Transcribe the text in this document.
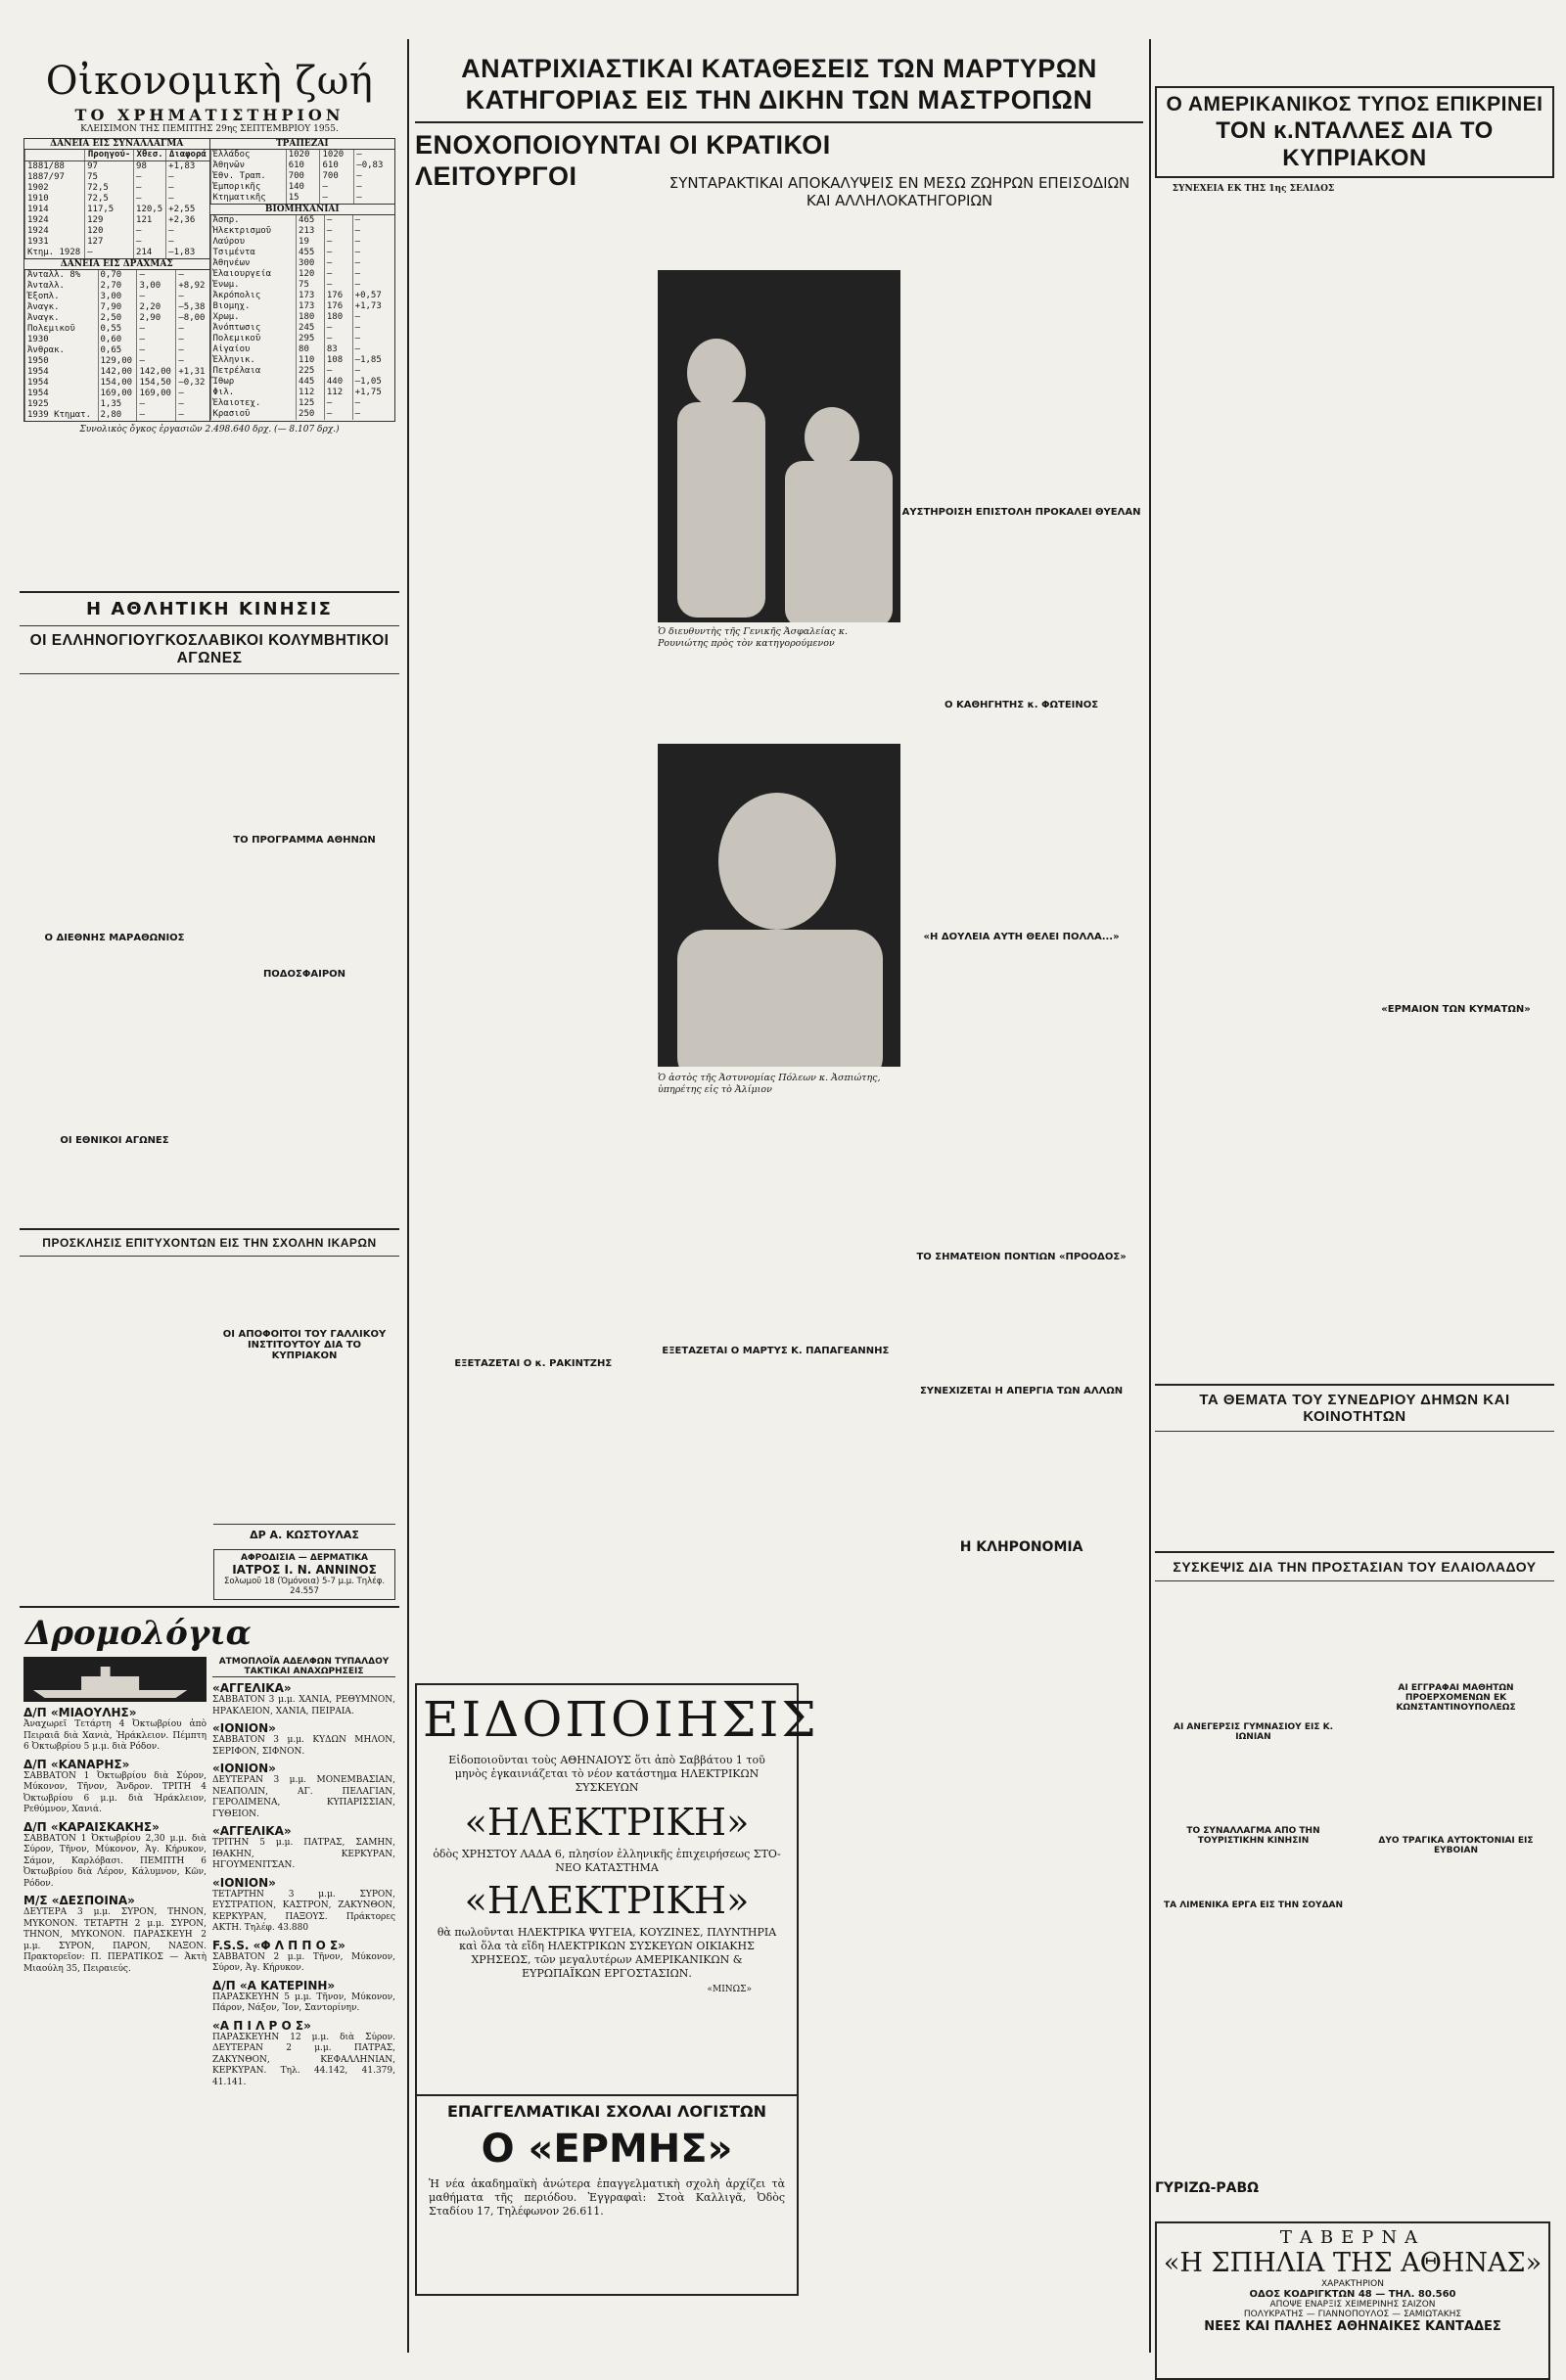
Οἰκονομικὴ ζωή
ΤΟ ΧΡΗΜΑΤΙΣΤΗΡΙΟΝ
ΚΛΕΙΣΙΜΟΝ ΤΗΣ ΠΕΜΠΤΗΣ 29ης ΣΕΠΤΕΜΒΡΙΟΥ 1955.
ΔΑΝΕΙΑ ΕΙΣ ΣΥΝΑΛΛΑΓΜΑ
	Προηγού-	Χθεσ.	Διαφορά
1881/88	97	98	+1,83
1887/97	75	—	—
1902	72,5	—	—
1910	72,5	—	—
1914	117,5	120,5	+2,55
1924	129	121	+2,36
1924	120	—	—
1931	127	—	—
Κτημ. 1928	—	214	—1,83
ΔΑΝΕΙΑ ΕΙΣ ΔΡΑΧΜΑΣ
Ἀνταλλ. 8%	0,70	—	—
Ἀνταλλ.	2,70	3,00	+8,92
Ἐξοπλ.	3,00	—	—
Ἀναγκ.	7,90	2,20	—5,38
Ἀναγκ.	2,50	2,90	—8,00
Πολεμικοῦ	0,55	—	—
1930	0,60	—	—
Ἀνθρακ.	0,65	—	—
1950	129,00	—	—
1954	142,00	142,00	+1,31
1954	154,00	154,50	—0,32
1954	169,00	169,00	—
1925	1,35	—	—
1939 Κτηματ.	2,80	—	—
ΤΡΑΠΕΖΑΙ
Ἑλλάδος	1020	1020	—
Ἀθηνῶν	610	610	—0,83
Ἐθν. Τραπ.	700	700	—
Ἐμπορικῆς	140	—	—
Κτηματικῆς	15	—	—
ΒΙΟΜΗΧΑΝΙΑΙ
Ἀσπρ.	465	—	—
Ἠλεκτρισμοῦ	213	—	—
Λαύρου	19	—	—
Τσιμέντα	455	—	—
Ἀθηνέων	300	—	—
Ἐλαιουργεία	120	—	—
Ἑνωμ.	75	—	—
Ἀκρόπολις	173	176	+0,57
Βιομηχ.	173	176	+1,73
Χρωμ.	180	180	—
Ἀνόπτωσις	245	—	—
Πολεμικοῦ	295	—	—
Αἰγαίου	80	83	—
Ἑλληνικ.	110	108	—1,85
Πετρέλαια	225	—	—
Ἴθωρ	445	440	—1,05
Φιλ.	112	112	+1,75
Ἐλαιοτεχ.	125	—	—
Κρασιοῦ	250	—	—
Συνολικὸς ὄγκος ἐργασιῶν 2.498.640 δρχ. (— 8.107 δρχ.)
Η ΑΘΛΗΤΙΚΗ ΚΙΝΗΣΙΣ
ΟΙ ΕΛΛΗΝΟΓΙΟΥΓΚΟΣΛΑΒΙΚΟΙ ΚΟΛΥΜΒΗΤΙΚΟΙ ΑΓΩΝΕΣ
Ο ΔΙΕΘΝΗΣ ΜΑΡΑΘΩΝΙΟΣ
ΟΙ ΕΘΝΙΚΟΙ ΑΓΩΝΕΣ
ΤΟ ΠΡΟΓΡΑΜΜΑ ΑΘΗΝΩΝ
ΠΟΔΟΣΦΑΙΡΟΝ
ΠΡΟΣΚΛΗΣΙΣ ΕΠΙΤΥΧΟΝΤΩΝ ΕΙΣ ΤΗΝ ΣΧΟΛΗΝ ΙΚΑΡΩΝ
ΟΙ ΑΠΟΦΟΙΤΟΙ ΤΟΥ ΓΑΛΛΙΚΟΥ ΙΝΣΤΙΤΟΥΤΟΥ ΔΙΑ ΤΟ ΚΥΠΡΙΑΚΟΝ
ΔΡ Α. ΚΩΣΤΟΥΛΑΣ
ΑΦΡΟΔΙΣΙΑ — ΔΕΡΜΑΤΙΚΑ
ΙΑΤΡΟΣ Ι. Ν. ΑΝΝΙΝΟΣ
Σολωμοῦ 18 (Ὁμόνοια) 5-7 μ.μ. Τηλέφ. 24.557
Δρομολόγια
Δ/Π «ΜΙΑΟΥΛΗΣ»
Ἀναχωρεῖ Τετάρτη 4 Ὀκτωβρίου ἀπὸ Πειραιᾶ διὰ Χανιὰ, Ἡράκλειον. Πέμπτη 6 Ὀκτωβρίου 5 μ.μ. διὰ Ρόδον.
Δ/Π «ΚΑΝΑΡΗΣ»
ΣΑΒΒΑΤΟΝ 1 Ὀκτωβρίου διὰ Σύρον, Μύκονον, Τῆνον, Ἄνδρον. ΤΡΙΤΗ 4 Ὀκτωβρίου 6 μ.μ. διὰ Ἡράκλειον, Ρεθύμνον, Χανιά.
Δ/Π «ΚΑΡΑΙΣΚΑΚΗΣ»
ΣΑΒΒΑΤΟΝ 1 Ὀκτωβρίου 2,30 μ.μ. διὰ Σύρον, Τῆνον, Μύκονον, Ἀγ. Κήρυκον, Σάμον, Καρλόβασι. ΠΕΜΠΤΗ 6 Ὀκτωβρίου διὰ Λέρον, Κάλυμνον, Κῶν, Ρόδον.
Μ/Σ «ΔΕΣΠΟΙΝΑ»
ΔΕΥΤΕΡΑ 3 μ.μ. ΣΥΡΟΝ, ΤΗΝΟΝ, ΜΥΚΟΝΟΝ. ΤΕΤΑΡΤΗ 2 μ.μ. ΣΥΡΟΝ, ΤΗΝΟΝ, ΜΥΚΟΝΟΝ. ΠΑΡΑΣΚΕΥΗ 2 μ.μ. ΣΥΡΟΝ, ΠΑΡΟΝ, ΝΑΞΟΝ. Πρακτορεῖον: Π. ΠΕΡΑΤΙΚΟΣ — Ἀκτὴ Μιαούλη 35, Πειραιεύς.
ΑΤΜΟΠΛΟΪΑ ΑΔΕΛΦΩΝ ΤΥΠΑΛΔΟΥ
ΤΑΚΤΙΚΑΙ ΑΝΑΧΩΡΗΣΕΙΣ
«ΑΓΓΕΛΙΚΑ»
ΣΑΒΒΑΤΟΝ 3 μ.μ. ΧΑΝΙΑ, ΡΕΘΥΜΝΟΝ, ΗΡΑΚΛΕΙΟΝ, ΧΑΝΙΑ, ΠΕΙΡΑΙΑ.
«ΙΟΝΙΟΝ»
ΣΑΒΒΑΤΟΝ 3 μ.μ. ΚΥΔΩΝ ΜΗΛΟΝ, ΣΕΡΙΦΟΝ, ΣΙΦΝΟΝ.
«ΙΟΝΙΟΝ»
ΔΕΥΤΕΡΑΝ 3 μ.μ. ΜΟΝΕΜΒΑΣΙΑΝ, ΝΕΑΠΟΛΙΝ, ΑΓ. ΠΕΛΑΓΙΑΝ, ΓΕΡΟΛΙΜΕΝΑ, ΚΥΠΑΡΙΣΣΙΑΝ, ΓΥΘΕΙΟΝ.
«ΑΓΓΕΛΙΚΑ»
ΤΡΙΤΗΝ 5 μ.μ. ΠΑΤΡΑΣ, ΣΑΜΗΝ, ΙΘΑΚΗΝ, ΚΕΡΚΥΡΑΝ, ΗΓΟΥΜΕΝΙΤΣΑΝ.
«ΙΟΝΙΟΝ»
ΤΕΤΑΡΤΗΝ 3 μ.μ. ΣΥΡΟΝ, ΕΥΣΤΡΑΤΙΟΝ, ΚΑΣΤΡΟΝ, ΖΑΚΥΝΘΟΝ, ΚΕΡΚΥΡΑΝ, ΠΑΞΟΥΣ. Πράκτορες ΑΚΤΗ. Τηλέφ. 43.880
F.S.S. «Φ Λ Π Π Ο Σ»
ΣΑΒΒΑΤΟΝ 2 μ.μ. Τῆνον, Μύκονον, Σύρον, Ἀγ. Κήρυκον.
Δ/Π «Α ΚΑΤΕΡΙΝΗ»
ΠΑΡΑΣΚΕΥΗΝ 5 μ.μ. Τῆνον, Μύκονον, Πάρον, Νάξον, Ἴον, Σαντορίνην.
«Α Π Ι Λ Ρ Ο Σ»
ΠΑΡΑΣΚΕΥΗΝ 12 μ.μ. διὰ Σύρον. ΔΕΥΤΕΡΑΝ 2 μ.μ. ΠΑΤΡΑΣ, ΖΑΚΥΝΘΟΝ, ΚΕΦΑΛΛΗΝΙΑΝ, ΚΕΡΚΥΡΑΝ. Τηλ. 44.142, 41.379, 41.141.
ΑΝΑΤΡΙΧΙΑΣΤΙΚΑΙ ΚΑΤΑΘΕΣΕΙΣ ΤΩΝ ΜΑΡΤΥΡΩΝ
ΚΑΤΗΓΟΡΙΑΣ ΕΙΣ ΤΗΝ ΔΙΚΗΝ ΤΩΝ ΜΑΣΤΡΟΠΩΝ
ΕΝΟΧΟΠΟΙΟΥΝΤΑΙ ΟΙ ΚΡΑΤΙΚΟΙ ΛΕΙΤΟΥΡΓΟΙ	ΣΥΝΤΑΡΑΚΤΙΚΑΙ ΑΠΟΚΑΛΥΨΕΙΣ ΕΝ ΜΕΣΩ ΖΩΗΡΩΝ ΕΠΕΙΣΟΔΙΩΝ ΚΑΙ ΑΛΛΗΛΟΚΑΤΗΓΟΡΙΩΝ
ΕΞΕΤΑΖΕΤΑΙ Ο κ. ΡΑΚΙΝΤΖΗΣ
ΕΞΕΤΑΖΕΤΑΙ Ο ΜΑΡΤΥΣ Κ. ΠΑΠΑΓΕΑΝΝΗΣ
ΑΥΣΤΗΡΟΙΣΗ ΕΠΙΣΤΟΛΗ ΠΡΟΚΑΛΕΙ ΘΥΕΛΑΝ
Ο ΚΑΘΗΓΗΤΗΣ κ. ΦΩΤΕΙΝΟΣ
«Η ΔΟΥΛΕΙΑ ΑΥΤΗ ΘΕΛΕΙ ΠΟΛΛΑ...»
ΤΟ ΣΗΜΑΤΕΙΟΝ ΠΟΝΤΙΩΝ «ΠΡΟΟΔΟΣ»
ΣΥΝΕΧΙΖΕΤΑΙ Η ΑΠΕΡΓΙΑ ΤΩΝ ΑΛΛΩΝ
Η ΚΛΗΡΟΝΟΜΙΑ
Ὁ διευθυντὴς τῆς Γενικῆς Ἀσφαλείας κ. Ρουνιώτης πρὸς τὸν κατηγορούμενον
Ὁ ἀστὸς τῆς Ἀστυνομίας Πόλεων κ. Ἀσπιώτης, ὑπηρέτης εἰς τὸ Ἀλίμιον
ΕΙΔΟΠΟΙΗΣΙΣ
Εἰδοποιοῦνται τοὺς ΑΘΗΝΑΙΟΥΣ ὅτι ἀπὸ Σαββάτου 1 τοῦ μηνὸς ἐγκαινιάζεται τὸ νέον κατάστημα ΗΛΕΚΤΡΙΚΩΝ ΣΥΣΚΕΥΩΝ
«ΗΛΕΚΤΡΙΚΗ»
ὁδὸς ΧΡΗΣΤΟΥ ΛΑΔΑ 6, πλησίον ἐλληνικῆς ἐπιχειρήσεως ΣΤΟ-ΝΕΟ ΚΑΤΑΣΤΗΜΑ
«ΗΛΕΚΤΡΙΚΗ»
θὰ πωλοῦνται ΗΛΕΚΤΡΙΚΑ ΨΥΓΕΙΑ, ΚΟΥΖΙΝΕΣ, ΠΛΥΝΤΗΡΙΑ καὶ ὅλα τὰ εἴδη ΗΛΕΚΤΡΙΚΩΝ ΣΥΣΚΕΥΩΝ ΟΙΚΙΑΚΗΣ ΧΡΗΣΕΩΣ, τῶν μεγαλυτέρων ΑΜΕΡΙΚΑΝΙΚΩΝ & ΕΥΡΩΠΑΪΚΩΝ ΕΡΓΟΣΤΑΣΙΩΝ.
«ΜΙΝΩΣ»
ΕΠΑΓΓΕΛΜΑΤΙΚΑΙ ΣΧΟΛΑΙ ΛΟΓΙΣΤΩΝ
Ο «ΕΡΜΗΣ»
Ἡ νέα ἀκαδημαϊκὴ ἀνώτερα ἐπαγγελματικὴ σχολὴ ἀρχίζει τὰ μαθήματα τῆς περιόδου. Ἐγγραφαὶ: Στοὰ Καλλιγᾶ, Ὀδὸς Σταδίου 17, Τηλέφωνον 26.611.
Ο ΑΜΕΡΙΚΑΝΙΚΟΣ ΤΥΠΟΣ ΕΠΙΚΡΙΝΕΙ
ΤΟΝ κ.ΝΤΑΛΛΕΣ ΔΙΑ ΤΟ ΚΥΠΡΙΑΚΟΝ
ΣΥΝΕΧΕΙΑ ΕΚ ΤΗΣ 1ης ΣΕΛΙΔΟΣ
«ΕΡΜΑΙΟΝ ΤΩΝ ΚΥΜΑΤΩΝ»
ΤΑ ΘΕΜΑΤΑ ΤΟΥ ΣΥΝΕΔΡΙΟΥ ΔΗΜΩΝ ΚΑΙ ΚΟΙΝΟΤΗΤΩΝ
ΣΥΣΚΕΨΙΣ ΔΙΑ ΤΗΝ ΠΡΟΣΤΑΣΙΑΝ ΤΟΥ ΕΛΑΙΟΛΑΔΟΥ
ΑΙ ΑΝΕΓΕΡΣΙΣ ΓΥΜΝΑΣΙΟΥ ΕΙΣ Κ. ΙΩΝΙΑΝ
ΤΟ ΣΥΝΑΛΛΑΓΜΑ ΑΠΟ ΤΗΝ ΤΟΥΡΙΣΤΙΚΗΝ ΚΙΝΗΣΙΝ
ΤΑ ΛΙΜΕΝΙΚΑ ΕΡΓΑ ΕΙΣ ΤΗΝ ΣΟΥΔΑΝ
ΑΙ ΕΓΓΡΑΦΑΙ ΜΑΘΗΤΩΝ ΠΡΟΕΡΧΟΜΕΝΩΝ ΕΚ ΚΩΝΣΤΑΝΤΙΝΟΥΠΟΛΕΩΣ
ΔΥΟ ΤΡΑΓΙΚΑ ΑΥΤΟΚΤΟΝΙΑΙ ΕΙΣ ΕΥΒΟΙΑΝ
ΓΥΡΙΖΩ-ΡΑΒΩ
ΤΑΒΕΡΝΑ
«Η ΣΠΗΛΙΑ ΤΗΣ ΑΘΗΝΑΣ»
ΧΑΡΑΚΤΗΡΙΟΝ
ΟΔΟΣ ΚΟΔΡΙΓΚΤΩΝ 48 — ΤΗΛ. 80.560
ΑΠΟΨΕ ΕΝΑΡΞΙΣ ΧΕΙΜΕΡΙΝΗΣ ΣΑΙΖΟΝ
ΠΟΛΥΚΡΑΤΗΣ — ΓΙΑΝΝΟΠΟΥΛΟΣ — ΣΑΜΙΩΤΑΚΗΣ
ΝΕΕΣ ΚΑΙ ΠΑΛΗΕΣ ΑΘΗΝΑΙΚΕΣ ΚΑΝΤΑΔΕΣ
